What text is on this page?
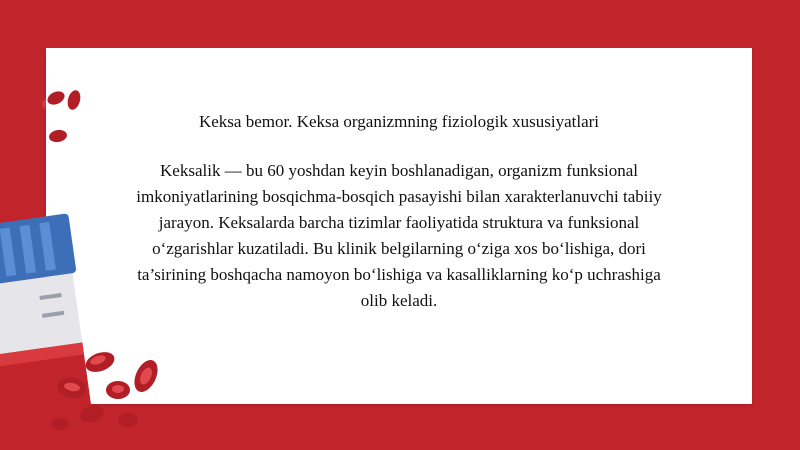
Keksa bemor. Keksa organizmning fiziologik xususiyatlari

Keksalik — bu 60 yoshdan keyin boshlanadigan, organizm funksional imkoniyatlarining bosqichma-bosqich pasayishi bilan xarakterlanuvchi tabiiy jarayon. Keksalarda barcha tizimlar faoliyatida struktura va funksional o‘zgarishlar kuzatiladi. Bu klinik belgilarning o‘ziga xos bo‘lishiga, dori ta’sirining boshqacha namoyon bo‘lishiga va kasalliklarning ko‘p uchrashiga olib keladi.
